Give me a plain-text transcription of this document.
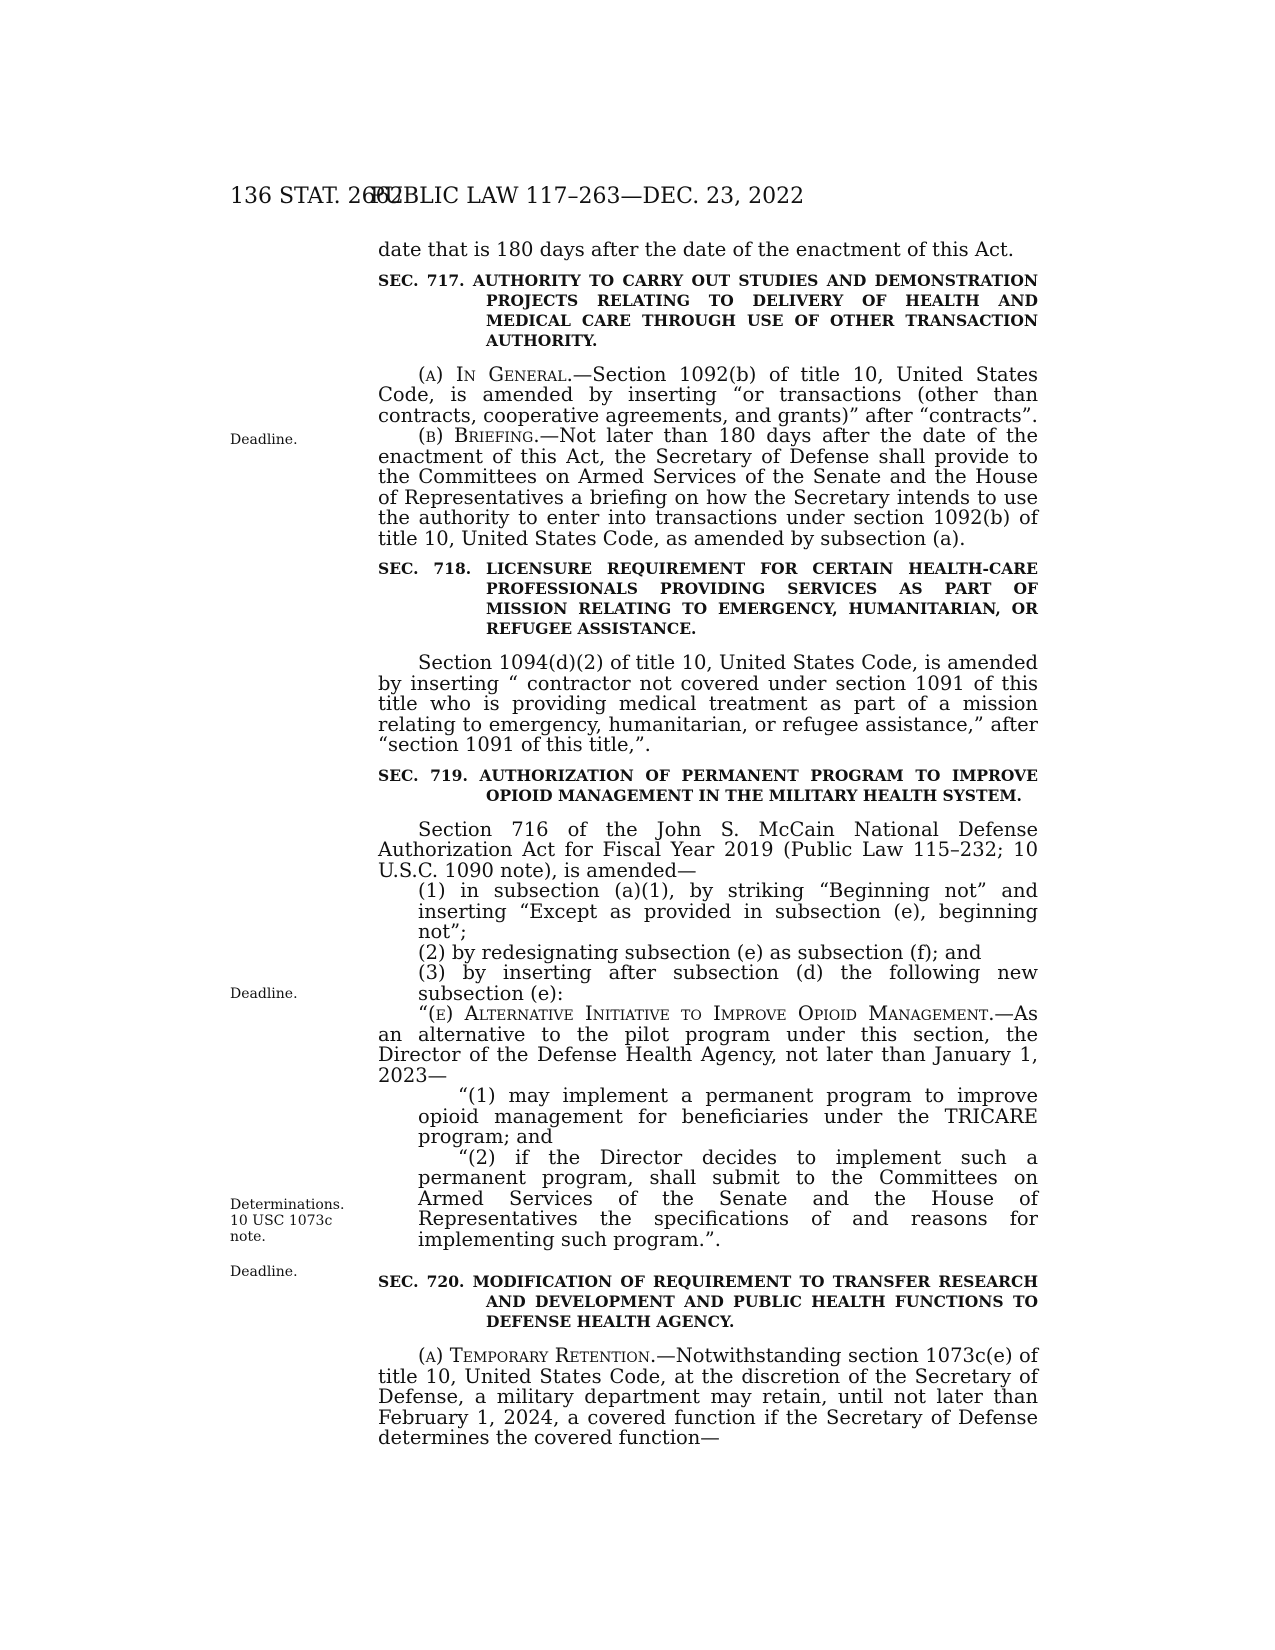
136 STAT. 2662
PUBLIC LAW 117–263—DEC. 23, 2022
Deadline.
Deadline.
Determinations.
10 USC 1073c
note.
Deadline.

date that is 180 days after the date of the enactment of this Act.

SEC. 717. AUTHORITY TO CARRY OUT STUDIES AND DEMONSTRATION PROJECTS RELATING TO DELIVERY OF HEALTH AND MEDICAL CARE THROUGH USE OF OTHER TRANSACTION AUTHORITY.

(a) In General.—Section 1092(b) of title 10, United States Code, is amended by inserting “or transactions (other than contracts, cooperative agreements, and grants)” after “contracts”.

(b) Briefing.—Not later than 180 days after the date of the enactment of this Act, the Secretary of Defense shall provide to the Committees on Armed Services of the Senate and the House of Representatives a briefing on how the Secretary intends to use the authority to enter into transactions under section 1092(b) of title 10, United States Code, as amended by subsection (a).

SEC. 718. LICENSURE REQUIREMENT FOR CERTAIN HEALTH-CARE PROFESSIONALS PROVIDING SERVICES AS PART OF MISSION RELATING TO EMERGENCY, HUMANITARIAN, OR REFUGEE ASSISTANCE.

Section 1094(d)(2) of title 10, United States Code, is amended by inserting “ contractor not covered under section 1091 of this title who is providing medical treatment as part of a mission relating to emergency, humanitarian, or refugee assistance,” after “section 1091 of this title,”.

SEC. 719. AUTHORIZATION OF PERMANENT PROGRAM TO IMPROVE OPIOID MANAGEMENT IN THE MILITARY HEALTH SYSTEM.

Section 716 of the John S. McCain National Defense Authorization Act for Fiscal Year 2019 (Public Law 115–232; 10 U.S.C. 1090 note), is amended—

(1) in subsection (a)(1), by striking “Beginning not” and inserting “Except as provided in subsection (e), beginning not”;

(2) by redesignating subsection (e) as subsection (f); and

(3) by inserting after subsection (d) the following new subsection (e):

“(e) Alternative Initiative to Improve Opioid Management.—As an alternative to the pilot program under this section, the Director of the Defense Health Agency, not later than January 1, 2023—

“(1) may implement a permanent program to improve opioid management for beneficiaries under the TRICARE program; and

“(2) if the Director decides to implement such a permanent program, shall submit to the Committees on Armed Services of the Senate and the House of Representatives the specifications of and reasons for implementing such program.”.

SEC. 720. MODIFICATION OF REQUIREMENT TO TRANSFER RESEARCH AND DEVELOPMENT AND PUBLIC HEALTH FUNCTIONS TO DEFENSE HEALTH AGENCY.

(a) Temporary Retention.—Notwithstanding section 1073c(e) of title 10, United States Code, at the discretion of the Secretary of Defense, a military department may retain, until not later than February 1, 2024, a covered function if the Secretary of Defense determines the covered function—
